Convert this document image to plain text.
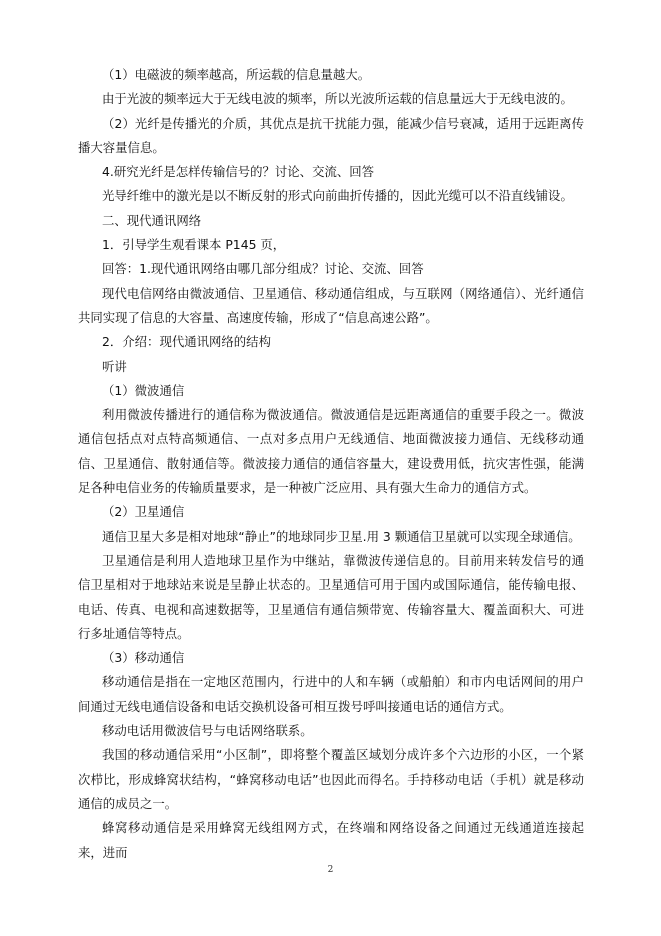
（1）电磁波的频率越高，所运载的信息量越大。

由于光波的频率远大于无线电波的频率，所以光波所运载的信息量远大于无线电波的。

（2）光纤是传播光的介质，其优点是抗干扰能力强，能减少信号衰减，适用于远距离传播大容量信息。

4.研究光纤是怎样传输信号的？讨论、交流、回答

光导纤维中的激光是以不断反射的形式向前曲折传播的，因此光缆可以不沿直线铺设。

二、现代通讯网络

1．引导学生观看课本 P145 页，

回答：1.现代通讯网络由哪几部分组成？讨论、交流、回答

现代电信网络由微波通信、卫星通信、移动通信组成，与互联网（网络通信）、光纤通信共同实现了信息的大容量、高速度传输，形成了“信息高速公路”。

2．介绍：现代通讯网络的结构

听讲

（1）微波通信

利用微波传播进行的通信称为微波通信。微波通信是远距离通信的重要手段之一。微波通信包括点对点特高频通信、一点对多点用户无线通信、地面微波接力通信、无线移动通信、卫星通信、散射通信等。微波接力通信的通信容量大，建设费用低，抗灾害性强，能满足各种电信业务的传输质量要求，是一种被广泛应用、具有强大生命力的通信方式。

（2）卫星通信

通信卫星大多是相对地球“静止”的地球同步卫星.用 3 颗通信卫星就可以实现全球通信。

卫星通信是利用人造地球卫星作为中继站，靠微波传递信息的。目前用来转发信号的通信卫星相对于地球站来说是呈静止状态的。卫星通信可用于国内或国际通信，能传输电报、电话、传真、电视和高速数据等，卫星通信有通信频带宽、传输容量大、覆盖面积大、可进行多址通信等特点。

（3）移动通信

移动通信是指在一定地区范围内，行进中的人和车辆（或船舶）和市内电话网间的用户间通过无线电通信设备和电话交换机设备可相互拨号呼叫接通电话的通信方式。

移动电话用微波信号与电话网络联系。

我国的移动通信采用“小区制”，即将整个覆盖区域划分成许多个六边形的小区，一个紧次栉比，形成蜂窝状结构，“蜂窝移动电话”也因此而得名。手持移动电话（手机）就是移动通信的成员之一。

蜂窝移动通信是采用蜂窝无线组网方式，在终端和网络设备之间通过无线通道连接起来，进而

2
